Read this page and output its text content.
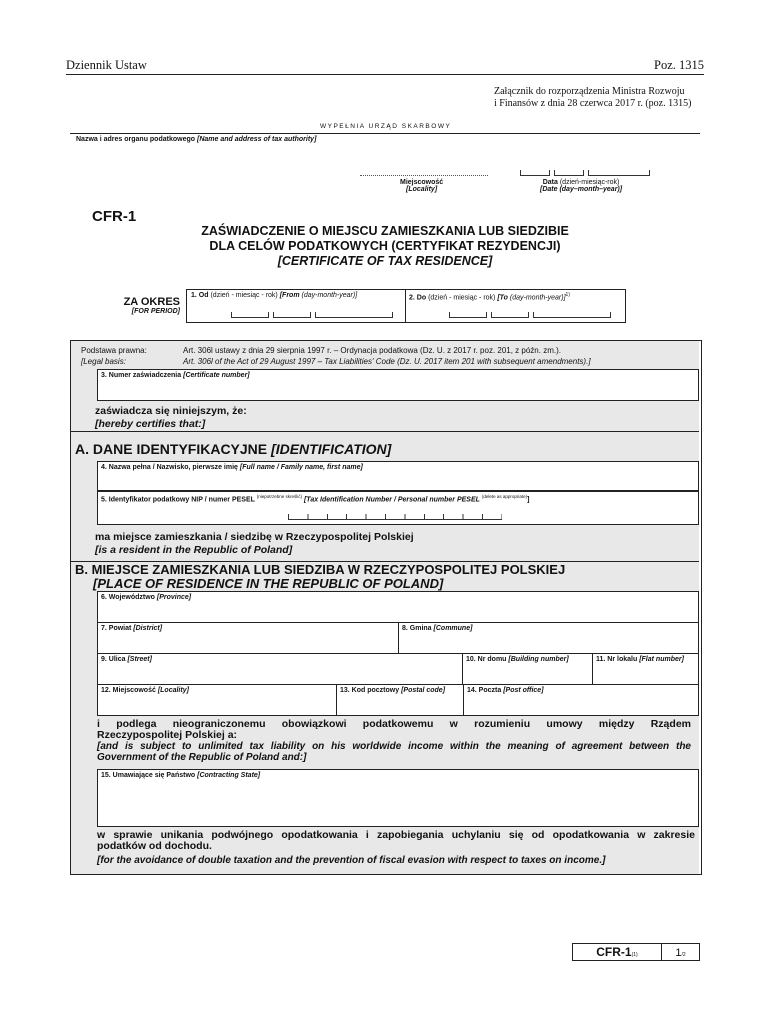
Dziennik Ustaw	Poz. 1315
Załącznik do rozporządzenia Ministra Rozwoju
i Finansów z dnia 28 czerwca 2017 r. (poz. 1315)
WYPEŁNIA URZĄD SKARBOWY
Nazwa i adres organu podatkowego [Name and address of tax authority]
Miejscowość
[Locality]
Data (dzień-miesiąc-rok)
[Date (day–month–year)]
CFR-1
ZAŚWIADCZENIE O MIEJSCU ZAMIESZKANIA LUB SIEDZIBIE
DLA CELÓW PODATKOWYCH (CERTYFIKAT REZYDENCJI)
[CERTIFICATE OF TAX RESIDENCE]
ZA OKRES
[FOR PERIOD]
1. Od (dzień - miesiąc - rok) [From (day-month-year)]	2. Do (dzień - miesiąc - rok) [To (day-month-year)]$^{1)}$
Podstawa prawna:
[Legal basis:
Art. 306l ustawy z dnia 29 sierpnia 1997 r. – Ordynacja podatkowa (Dz. U. z 2017 r. poz. 201, z późn. zm.).
Art. 306l of the Act of 29 August 1997 – Tax Liabilities' Code (Dz. U. 2017 item 201 with subsequent amendments).]
3. Numer zaświadczenia [Certificate number]
zaświadcza się niniejszym, że:
[hereby certifies that:]
A. DANE IDENTYFIKACYJNE [IDENTIFICATION]
4. Nazwa pełna / Nazwisko, pierwsze imię [Full name / Family name, first name]
5. Identyfikator podatkowy NIP / numer PESEL $^{(niepotrzebne skreślić)}$ [Tax Identification Number / Personal number PESEL $^{(delete as appropriate)}$]
ma miejsce zamieszkania / siedzibę w Rzeczypospolitej Polskiej
[is a resident in the Republic of Poland]
B. MIEJSCE ZAMIESZKANIA LUB SIEDZIBA W RZECZYPOSPOLITEJ POLSKIEJ
[PLACE OF RESIDENCE IN THE REPUBLIC OF POLAND]
6. Województwo [Province]
7. Powiat [District]	8. Gmina [Commune]
9. Ulica [Street]	10. Nr domu [Building number]	11. Nr lokalu [Flat number]
12. Miejscowość [Locality]	13. Kod pocztowy [Postal code]	14. Poczta [Post office]
i podlega nieograniczonemu obowiązkowi podatkowemu w rozumieniu umowy między Rządem
Rzeczypospolitej Polskiej a:
[and is subject to unlimited tax liability on his worldwide income within the meaning of agreement between the
Government of the Republic of Poland and:]
15. Umawiające się Państwo [Contracting State]
w sprawie unikania podwójnego opodatkowania i zapobiegania uchylaniu się od opodatkowania w zakresie
podatków od dochodu.
[for the avoidance of double taxation and the prevention of fiscal evasion with respect to taxes on income.]
CFR-1(1)	1/2
